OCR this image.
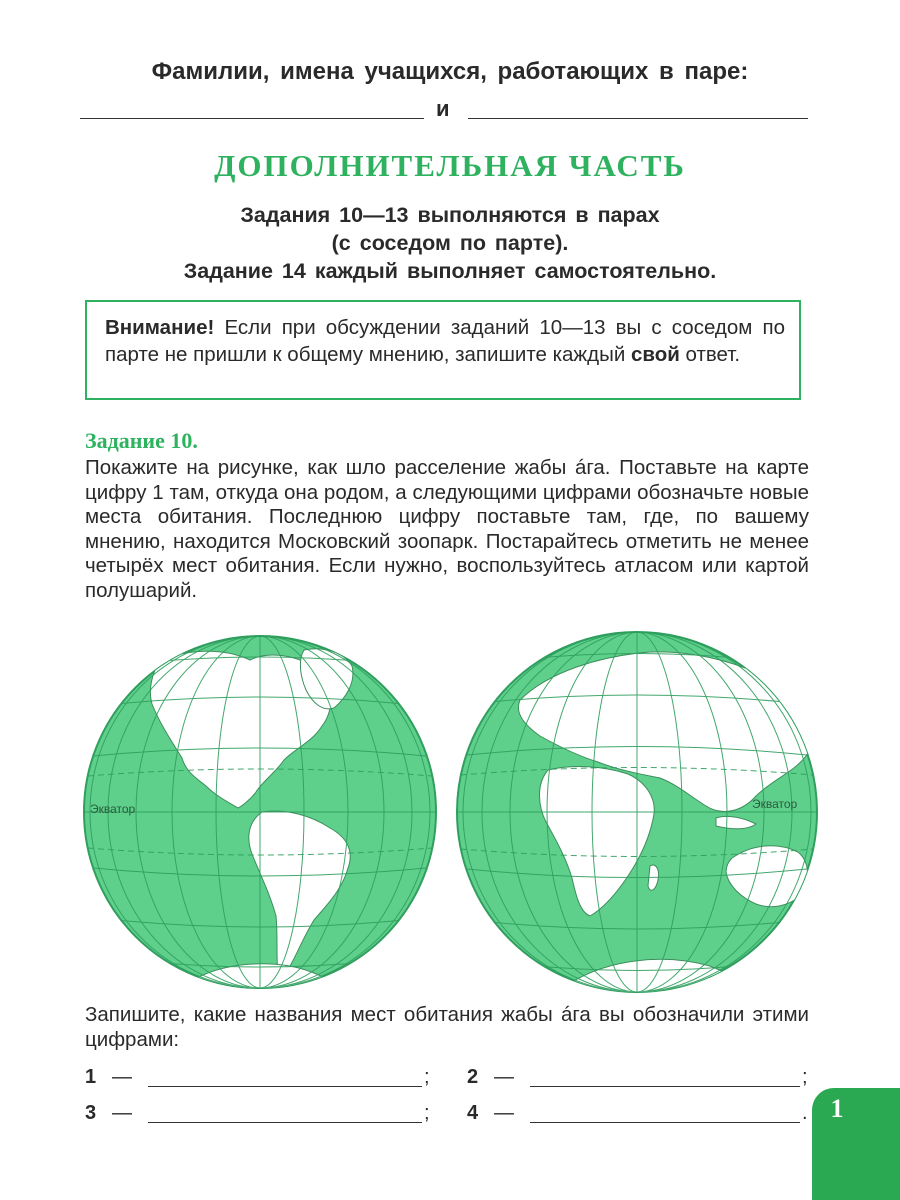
Фамилии, имена учащихся, работающих в паре:
и
ДОПОЛНИТЕЛЬНАЯ ЧАСТЬ
Задания 10—13 выполняются в парах
(с соседом по парте).
Задание 14 каждый выполняет самостоятельно.
Внимание! Если при обсуждении заданий 10—13 вы с соседом по парте не пришли к общему мнению, запишите каждый свой ответ.
Задание 10.
Покажите на рисунке, как шло расселение жабы áга. Поставьте на карте цифру 1 там, откуда она родом, а следующими цифрами обозначьте новые места обитания. Последнюю цифру поставьте там, где, по вашему мнению, находится Московский зоопарк. Постарайтесь отметить не менее четырёх мест обитания. Если нужно, воспользуйтесь атласом или картой полушарий.
Экватор	Экватор
Запишите, какие названия мест обитания жабы áга вы обозначили этими цифрами:
1 —	; 2 —	;
3 —	; 4 —	. 1
